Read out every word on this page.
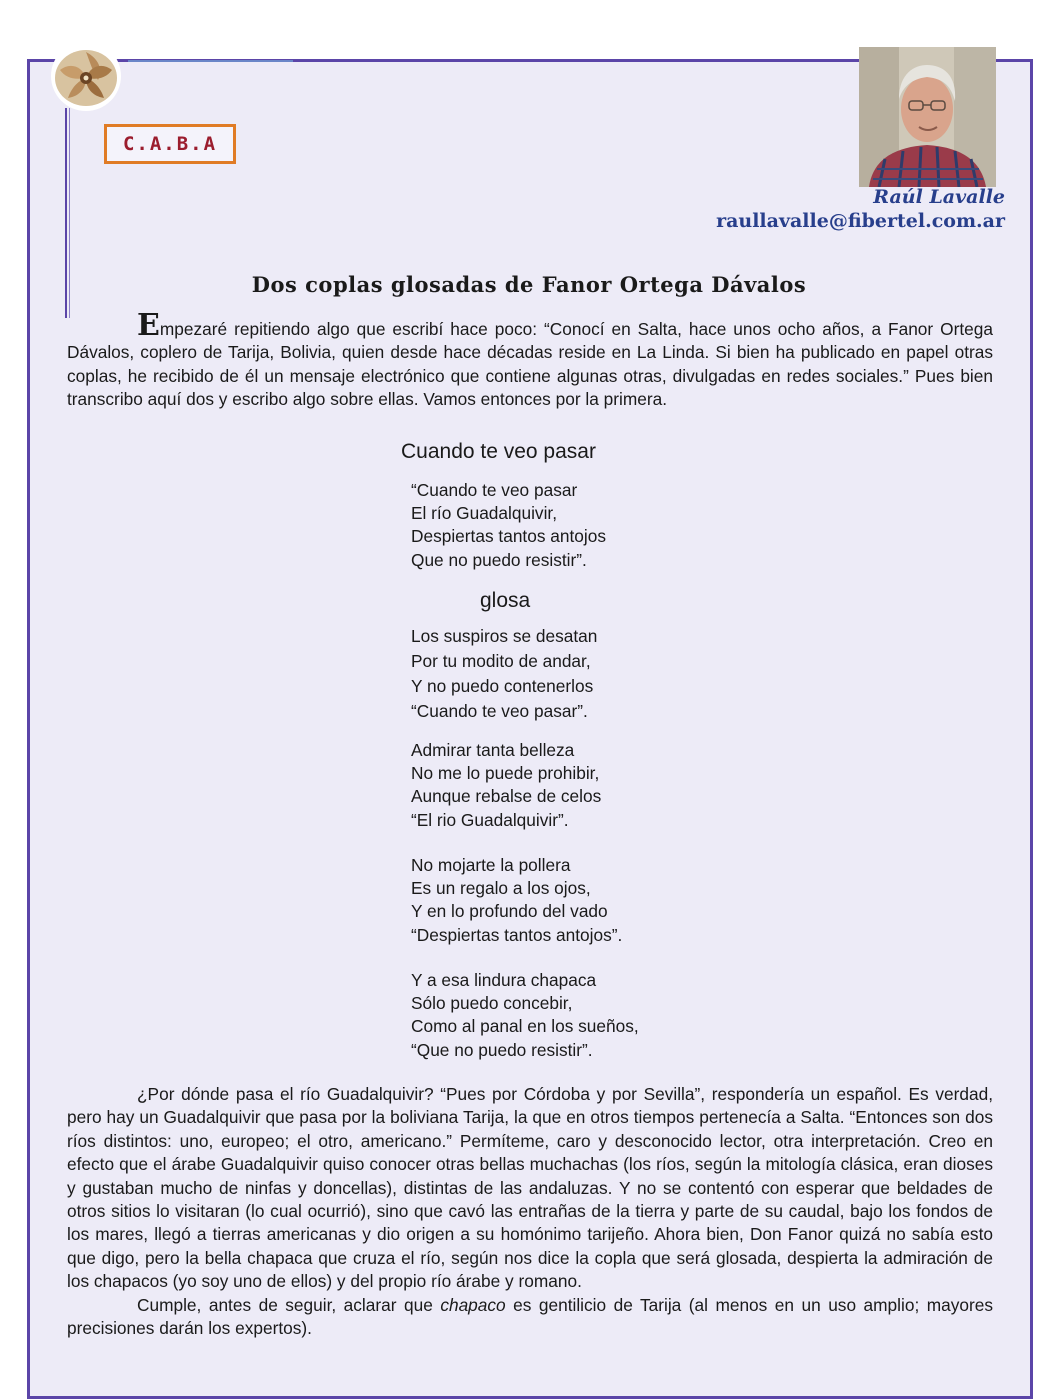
C.A.B.A
Raúl Lavalle
raullavalle@fibertel.com.ar
Dos coplas glosadas de Fanor Ortega Dávalos

Empezaré repitiendo algo que escribí hace poco: “Conocí en Salta, hace unos ocho años, a Fanor Ortega Dávalos, coplero de Tarija, Bolivia, quien desde hace décadas reside en La Linda. Si bien ha publicado en papel otras coplas, he recibido de él un mensaje electrónico que contiene algunas otras, divulgadas en redes sociales.” Pues bien transcribo aquí dos y escribo algo sobre ellas. Vamos entonces por la primera.

Cuando te veo pasar
“Cuando te veo pasar
El río Guadalquivir,
Despiertas tantos antojos
Que no puedo resistir”.
glosa
Los suspiros se desatan
Por tu modito de andar,
Y no puedo contenerlos
“Cuando te veo pasar”.
Admirar tanta belleza
No me lo puede prohibir,
Aunque rebalse de celos
“El rio Guadalquivir”.
No mojarte la pollera
Es un regalo a los ojos,
Y en lo profundo del vado
“Despiertas tantos antojos”.
Y a esa lindura chapaca
Sólo puedo concebir,
Como al panal en los sueños,
“Que no puedo resistir”.

¿Por dónde pasa el río Guadalquivir? “Pues por Córdoba y por Sevilla”, respondería un español. Es verdad, pero hay un Guadalquivir que pasa por la boliviana Tarija, la que en otros tiempos pertenecía a Salta. “Entonces son dos ríos distintos: uno, europeo; el otro, americano.” Permíteme, caro y desconocido lector, otra interpretación. Creo en efecto que el árabe Guadalquivir quiso conocer otras bellas muchachas (los ríos, según la mitología clásica, eran dioses y gustaban mucho de ninfas y doncellas), distintas de las andaluzas. Y no se contentó con esperar que beldades de otros sitios lo visitaran (lo cual ocurrió), sino que cavó las entrañas de la tierra y parte de su caudal, bajo los fondos de los mares, llegó a tierras americanas y dio origen a su homónimo tarijeño. Ahora bien, Don Fanor quizá no sabía esto que digo, pero la bella chapaca que cruza el río, según nos dice la copla que será glosada, despierta la admiración de los chapacos (yo soy uno de ellos) y del propio río árabe y romano.

Cumple, antes de seguir, aclarar que chapaco es gentilicio de Tarija (al menos en un uso amplio; mayores precisiones darán los expertos).
